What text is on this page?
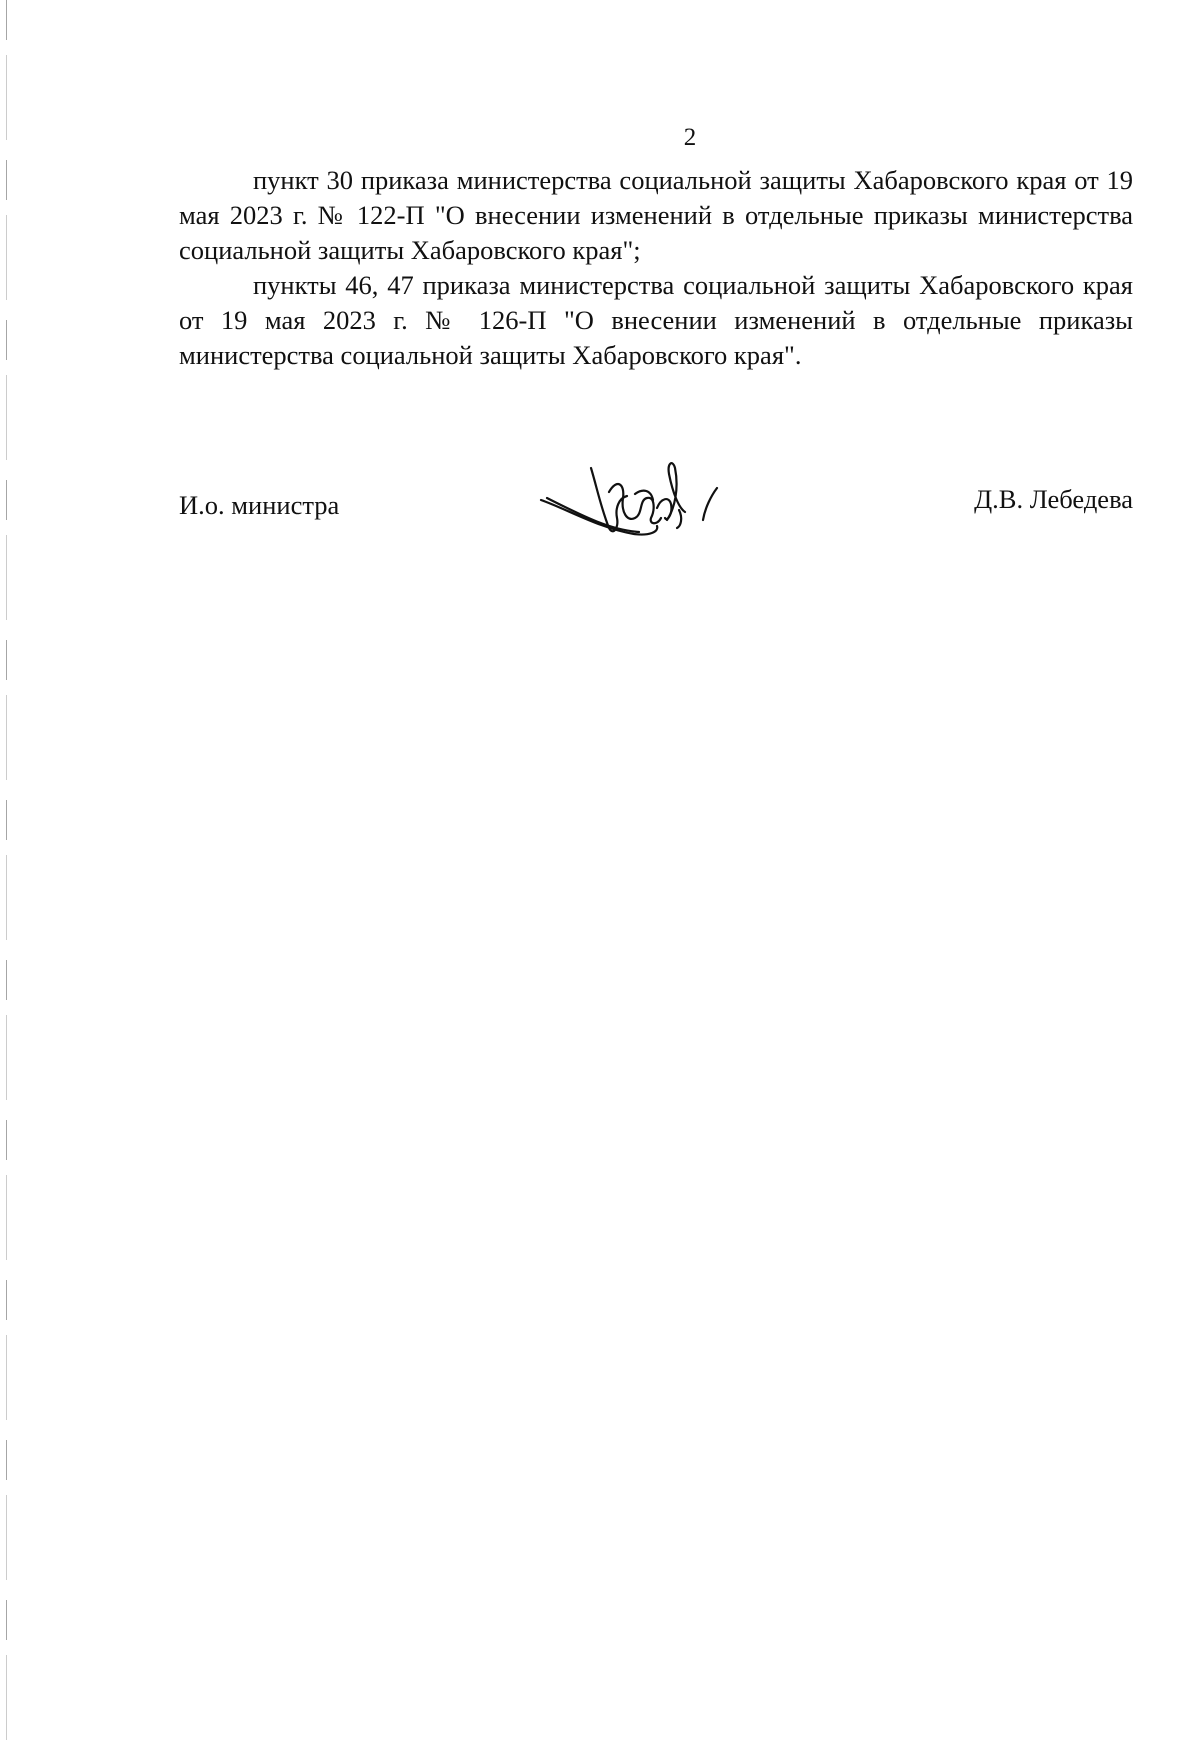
2

пункт 30 приказа министерства социальной защиты Хабаровского края от 19 мая 2023 г. № 122-П "О внесении изменений в отдельные приказы министерства социальной защиты Хабаровского края";

пункты 46, 47 приказа министерства социальной защиты Хабаровского края от 19 мая 2023 г. № 126-П "О внесении изменений в отдельные приказы министерства социальной защиты Хабаровского края".

И.о. министра	Д.В. Лебедева
